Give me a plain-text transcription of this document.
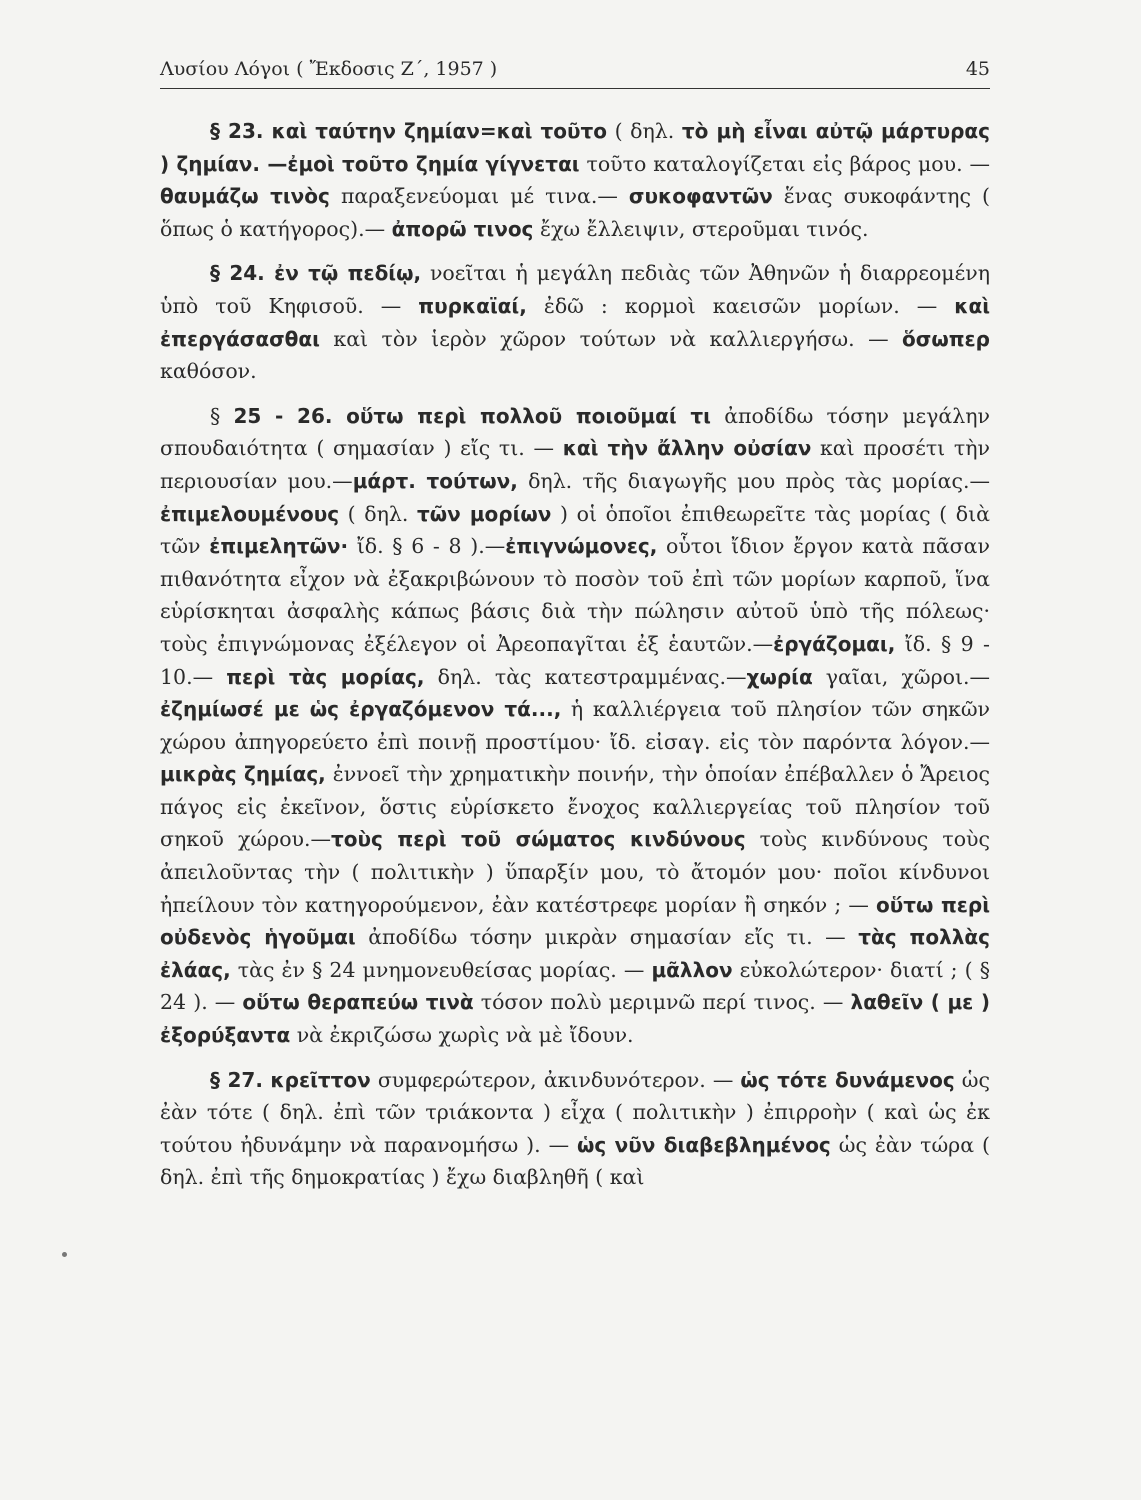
Λυσίου Λόγοι ( Ἔκδοσις Ζ΄, 1957 )	45

§ 23. καὶ ταύτην ζημίαν=καὶ τοῦτο ( δηλ. τὸ μὴ εἶναι αὐτῷ μάρτυρας ) ζημίαν. —ἐμοὶ τοῦτο ζημία γίγνεται τοῦτο καταλογίζεται εἰς βάρος μου. — θαυμάζω τινὸς παραξενεύομαι μέ τινα.— συκοφαντῶν ἕνας συκοφάντης ( ὅπως ὁ κατήγορος).— ἀπορῶ τινος ἔχω ἔλλειψιν, στεροῦμαι τινός.

§ 24. ἐν τῷ πεδίῳ, νοεῖται ἡ μεγάλη πεδιὰς τῶν Ἀθηνῶν ἡ διαρρεομένη ὑπὸ τοῦ Κηφισοῦ. — πυρκαϊαί, ἐδῶ : κορμοὶ καεισῶν μορίων. — καὶ ἐπεργάσασθαι καὶ τὸν ἱερὸν χῶρον τούτων νὰ καλλιεργήσω. — ὅσωπερ καθόσον.

§ 25 - 26. οὕτω περὶ πολλοῦ ποιοῦμαί τι ἀποδίδω τόσην μεγάλην σπουδαιότητα ( σημασίαν ) εἴς τι. — καὶ τὴν ἄλλην οὐσίαν καὶ προσέτι τὴν περιουσίαν μου.—μάρτ. τούτων, δηλ. τῆς διαγωγῆς μου πρὸς τὰς μορίας.—ἐπιμελουμένους ( δηλ. τῶν μορίων ) οἱ ὁποῖοι ἐπιθεωρεῖτε τὰς μορίας ( διὰ τῶν ἐπιμελητῶν· ἴδ. § 6 - 8 ).—ἐπιγνώμονες, οὗτοι ἴδιον ἔργον κατὰ πᾶσαν πιθανότητα εἶχον νὰ ἐξακριβώνουν τὸ ποσὸν τοῦ ἐπὶ τῶν μορίων καρποῦ, ἵνα εὑρίσκηται ἀσφαλὴς κάπως βάσις διὰ τὴν πώλησιν αὐτοῦ ὑπὸ τῆς πόλεως· τοὺς ἐπιγνώμονας ἐξέλεγον οἱ Ἀρεοπαγῖται ἐξ ἑαυτῶν.—ἐργάζομαι, ἴδ. § 9 - 10.— περὶ τὰς μορίας, δηλ. τὰς κατεστραμμένας.—χωρία γαῖαι, χῶροι.—ἐζημίωσέ με ὡς ἐργαζόμενον τά..., ἡ καλλιέργεια τοῦ πλησίον τῶν σηκῶν χώρου ἀπηγορεύετο ἐπὶ ποινῇ προστίμου· ἴδ. εἰσαγ. εἰς τὸν παρόντα λόγον.— μικρὰς ζημίας, ἐννοεῖ τὴν χρηματικὴν ποινήν, τὴν ὁποίαν ἐπέβαλλεν ὁ Ἄρειος πάγος εἰς ἐκεῖνον, ὅστις εὑρίσκετο ἔνοχος καλλιεργείας τοῦ πλησίον τοῦ σηκοῦ χώρου.—τοὺς περὶ τοῦ σώματος κινδύνους τοὺς κινδύνους τοὺς ἀπειλοῦντας τὴν ( πολιτικὴν ) ὕπαρξίν μου, τὸ ἄτομόν μου· ποῖοι κίνδυνοι ἠπείλουν τὸν κατηγορούμενον, ἐὰν κατέστρεφε μορίαν ἢ σηκόν ; — οὕτω περὶ οὐδενὸς ἡγοῦμαι ἀποδίδω τόσην μικρὰν σημασίαν εἴς τι. — τὰς πολλὰς ἐλάας, τὰς ἐν § 24 μνημονευθείσας μορίας. — μᾶλλον εὐκολώτερον· διατί ; ( § 24 ). — οὕτω θεραπεύω τινὰ τόσον πολὺ μεριμνῶ περί τινος. — λαθεῖν ( με ) ἐξορύξαντα νὰ ἐκριζώσω χωρὶς νὰ μὲ ἴδουν.

§ 27. κρεῖττον συμφερώτερον, ἀκινδυνότερον. — ὡς τότε δυνάμενος ὡς ἐὰν τότε ( δηλ. ἐπὶ τῶν τριάκοντα ) εἶχα ( πολιτικὴν ) ἐπιρροὴν ( καὶ ὡς ἐκ τούτου ἠδυνάμην νὰ παρανομήσω ). — ὡς νῦν διαβεβλημένος ὡς ἐὰν τώρα ( δηλ. ἐπὶ τῆς δημοκρατίας ) ἔχω διαβληθῆ ( καὶ
